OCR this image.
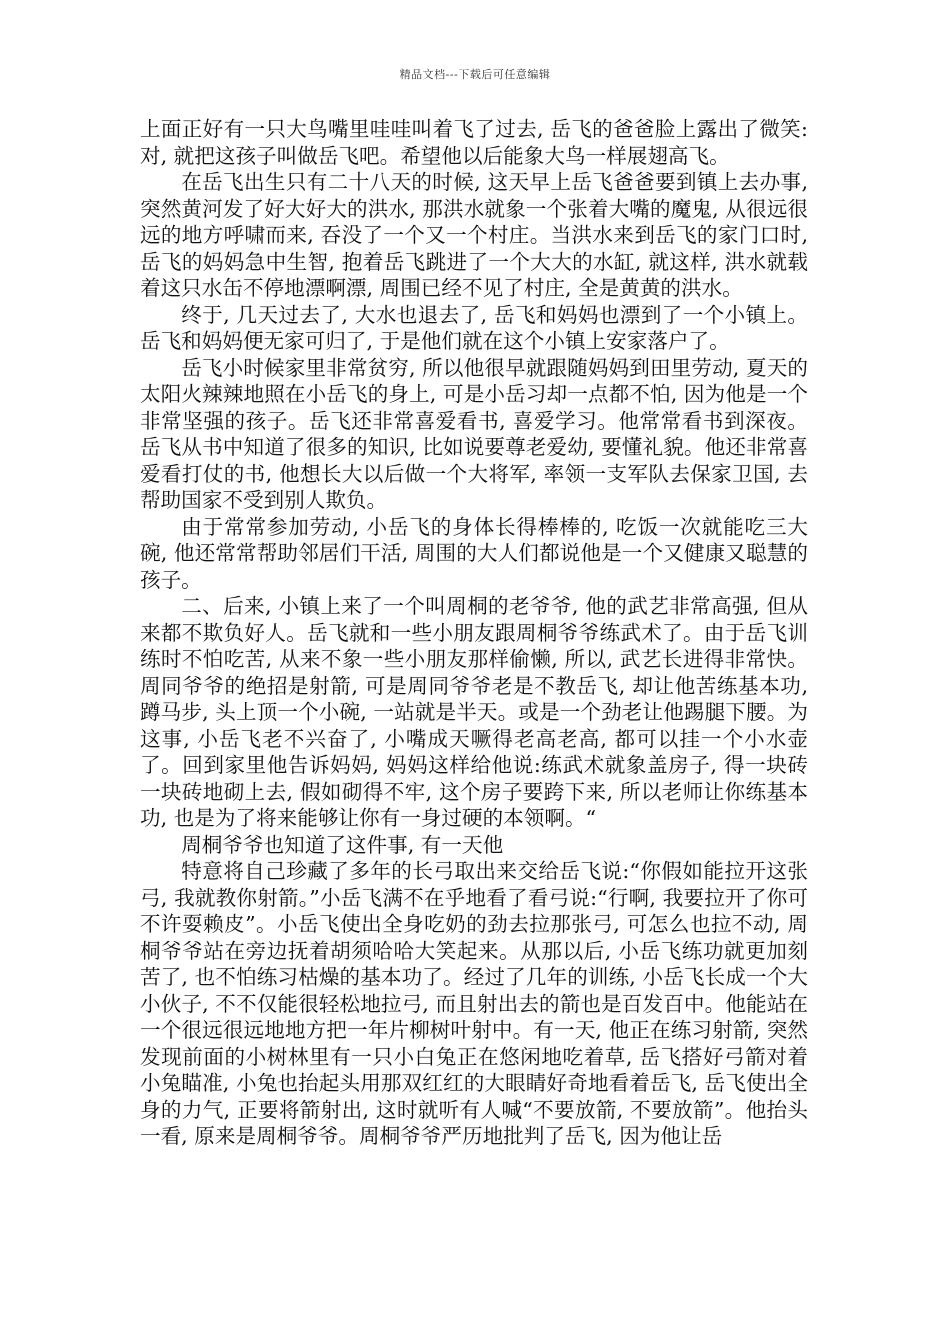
精品文档---下载后可任意编辑

上面正好有一只大鸟嘴里哇哇叫着飞了过去, 岳飞的爸爸脸上露出了微笑:对, 就把这孩子叫做岳飞吧。希望他以后能象大鸟一样展翅高飞。

在岳飞出生只有二十八天的时候, 这天早上岳飞爸爸要到镇上去办事, 突然黄河发了好大好大的洪水, 那洪水就象一个张着大嘴的魔鬼, 从很远很远的地方呼啸而来, 吞没了一个又一个村庄。当洪水来到岳飞的家门口时, 岳飞的妈妈急中生智, 抱着岳飞跳进了一个大大的水缸, 就这样, 洪水就载着这只水缶不停地漂啊漂, 周围已经不见了村庄, 全是黄黄的洪水。

终于, 几天过去了, 大水也退去了, 岳飞和妈妈也漂到了一个小镇上。岳飞和妈妈便无家可归了, 于是他们就在这个小镇上安家落户了。

岳飞小时候家里非常贫穷, 所以他很早就跟随妈妈到田里劳动, 夏天的太阳火辣辣地照在小岳飞的身上, 可是小岳习却一点都不怕, 因为他是一个非常坚强的孩子。岳飞还非常喜爱看书, 喜爱学习。他常常看书到深夜。岳飞从书中知道了很多的知识, 比如说要尊老爱幼, 要懂礼貌。他还非常喜爱看打仗的书, 他想长大以后做一个大将军, 率领一支军队去保家卫国, 去帮助国家不受到别人欺负。

由于常常参加劳动, 小岳飞的身体长得棒棒的, 吃饭一次就能吃三大碗, 他还常常帮助邻居们干活, 周围的大人们都说他是一个又健康又聪慧的孩子。

二、后来, 小镇上来了一个叫周桐的老爷爷, 他的武艺非常高强, 但从来都不欺负好人。岳飞就和一些小朋友跟周桐爷爷练武术了。由于岳飞训练时不怕吃苦, 从来不象一些小朋友那样偷懒, 所以, 武艺长进得非常快。周同爷爷的绝招是射箭, 可是周同爷爷老是不教岳飞, 却让他苦练基本功, 蹲马步, 头上顶一个小碗, 一站就是半天。或是一个劲老让他踢腿下腰。为这事, 小岳飞老不兴奋了, 小嘴成天噘得老高老高, 都可以挂一个小水壶了。回到家里他告诉妈妈, 妈妈这样给他说:练武术就象盖房子, 得一块砖一块砖地砌上去, 假如砌得不牢, 这个房子要跨下来, 所以老师让你练基本功, 也是为了将来能够让你有一身过硬的本领啊。“

周桐爷爷也知道了这件事, 有一天他

特意将自己珍藏了多年的长弓取出来交给岳飞说:“你假如能拉开这张弓, 我就教你射箭。”小岳飞满不在乎地看了看弓说:“行啊, 我要拉开了你可不许耍赖皮”。小岳飞使出全身吃奶的劲去拉那张弓, 可怎么也拉不动, 周桐爷爷站在旁边抚着胡须哈哈大笑起来。从那以后, 小岳飞练功就更加刻苦了, 也不怕练习枯燥的基本功了。经过了几年的训练, 小岳飞长成一个大小伙子, 不不仅能很轻松地拉弓, 而且射出去的箭也是百发百中。他能站在一个很远很远地地方把一年片柳树叶射中。有一天, 他正在练习射箭, 突然发现前面的小树林里有一只小白兔正在悠闲地吃着草, 岳飞搭好弓箭对着小兔瞄准, 小兔也抬起头用那双红红的大眼睛好奇地看着岳飞, 岳飞使出全身的力气, 正要将箭射出, 这时就听有人喊“不要放箭, 不要放箭”。他抬头一看, 原来是周桐爷爷。周桐爷爷严历地批判了岳飞, 因为他让岳
